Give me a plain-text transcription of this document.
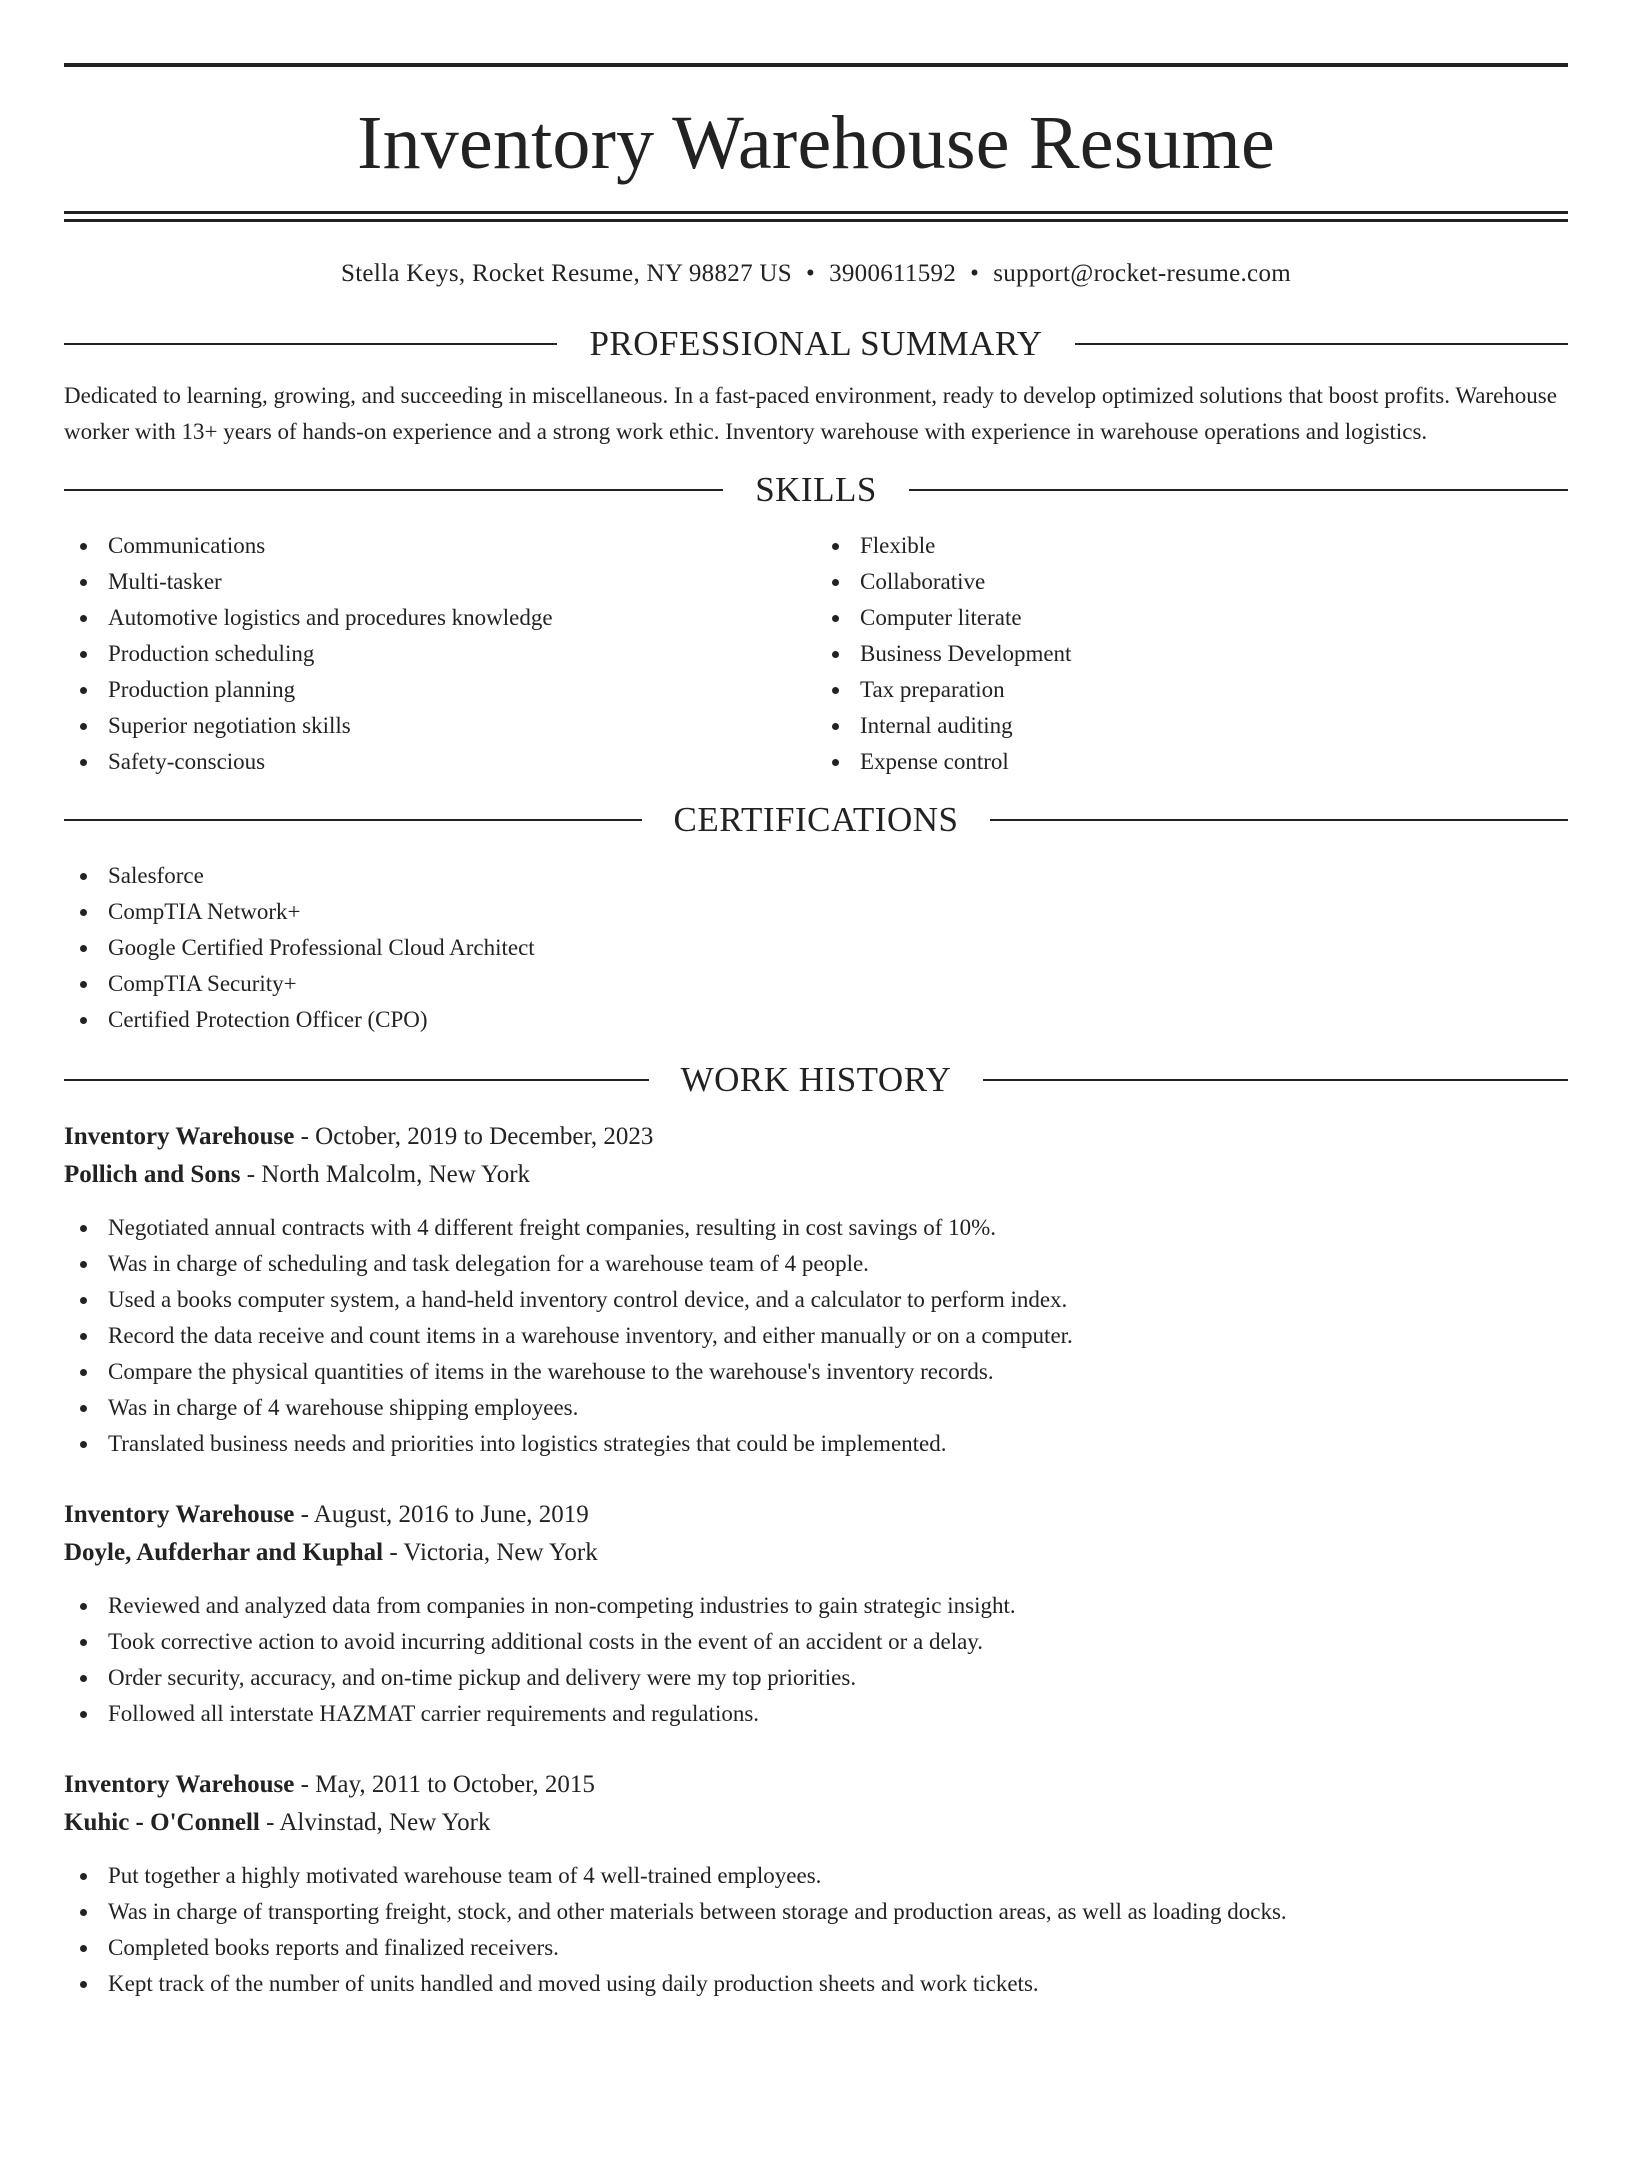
Inventory Warehouse Resume
Stella Keys, Rocket Resume, NY 98827 US • 3900611592 • support@rocket-resume.com
PROFESSIONAL SUMMARY
Dedicated to learning, growing, and succeeding in miscellaneous. In a fast-paced environment, ready to develop optimized solutions that boost profits. Warehouse worker with 13+ years of hands-on experience and a strong work ethic. Inventory warehouse with experience in warehouse operations and logistics.
SKILLS
Communications
Multi-tasker
Automotive logistics and procedures knowledge
Production scheduling
Production planning
Superior negotiation skills
Safety-conscious
Flexible
Collaborative
Computer literate
Business Development
Tax preparation
Internal auditing
Expense control
CERTIFICATIONS
Salesforce
CompTIA Network+
Google Certified Professional Cloud Architect
CompTIA Security+
Certified Protection Officer (CPO)
WORK HISTORY
Inventory Warehouse - October, 2019 to December, 2023
Pollich and Sons - North Malcolm, New York
Negotiated annual contracts with 4 different freight companies, resulting in cost savings of 10%.
Was in charge of scheduling and task delegation for a warehouse team of 4 people.
Used a books computer system, a hand-held inventory control device, and a calculator to perform index.
Record the data receive and count items in a warehouse inventory, and either manually or on a computer.
Compare the physical quantities of items in the warehouse to the warehouse's inventory records.
Was in charge of 4 warehouse shipping employees.
Translated business needs and priorities into logistics strategies that could be implemented.
Inventory Warehouse - August, 2016 to June, 2019
Doyle, Aufderhar and Kuphal - Victoria, New York
Reviewed and analyzed data from companies in non-competing industries to gain strategic insight.
Took corrective action to avoid incurring additional costs in the event of an accident or a delay.
Order security, accuracy, and on-time pickup and delivery were my top priorities.
Followed all interstate HAZMAT carrier requirements and regulations.
Inventory Warehouse - May, 2011 to October, 2015
Kuhic - O'Connell - Alvinstad, New York
Put together a highly motivated warehouse team of 4 well-trained employees.
Was in charge of transporting freight, stock, and other materials between storage and production areas, as well as loading docks.
Completed books reports and finalized receivers.
Kept track of the number of units handled and moved using daily production sheets and work tickets.
